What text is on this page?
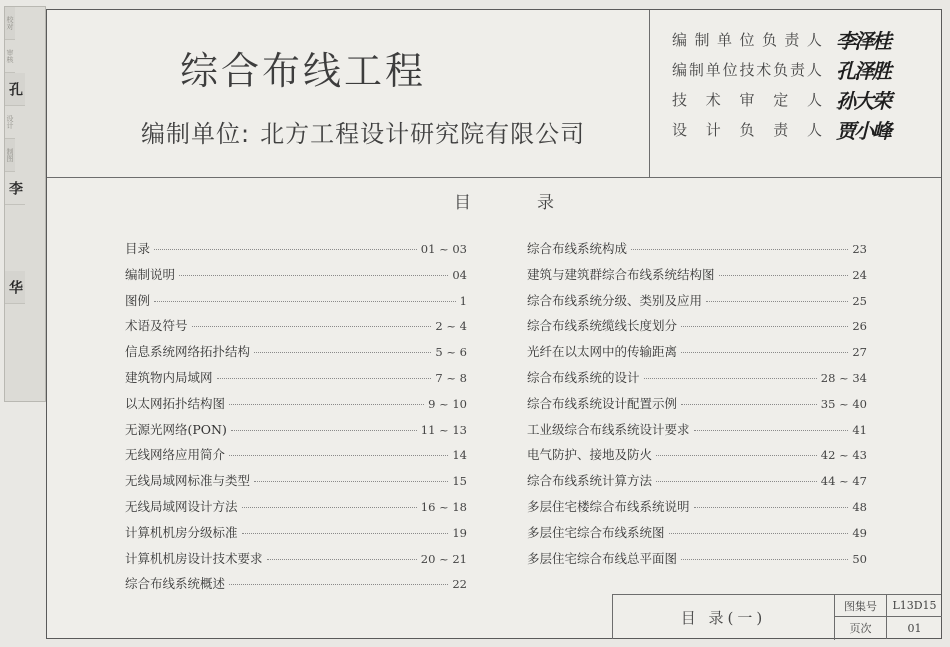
校对
审核
孔
设计
制图
李
华
综合布线工程
编制单位: 北方工程设计研究院有限公司
编 制 单 位 负 责 人 李泽桂
编 制 单 位 技 术 负 责 人 孔泽胜
技 术 审 定 人 孙大荣
设 计 负 责 人 贾小峰
目	录
目录	01 ~ 03
编制说明	04
图例	1
术语及符号	2 ~ 4
信息系统网络拓扑结构	5 ~ 6
建筑物内局域网	7 ~ 8
以太网拓扑结构图	9 ~ 10
无源光网络(PON)	11 ~ 13
无线网络应用简介	14
无线局域网标准与类型	15
无线局域网设计方法	16 ~ 18
计算机机房分级标准	19
计算机机房设计技术要求	20 ~ 21
综合布线系统概述	22
综合布线系统构成	23
建筑与建筑群综合布线系统结构图	24
综合布线系统分级、类别及应用	25
综合布线系统缆线长度划分	26
光纤在以太网中的传输距离	27
综合布线系统的设计	28 ~ 34
综合布线系统设计配置示例	35 ~ 40
工业级综合布线系统设计要求	41
电气防护、接地及防火	42 ~ 43
综合布线系统计算方法	44 ~ 47
多层住宅楼综合布线系统说明	48
多层住宅综合布线系统图	49
多层住宅综合布线总平面图	50
目 录(一)
图集号	L13D15
页次	01
